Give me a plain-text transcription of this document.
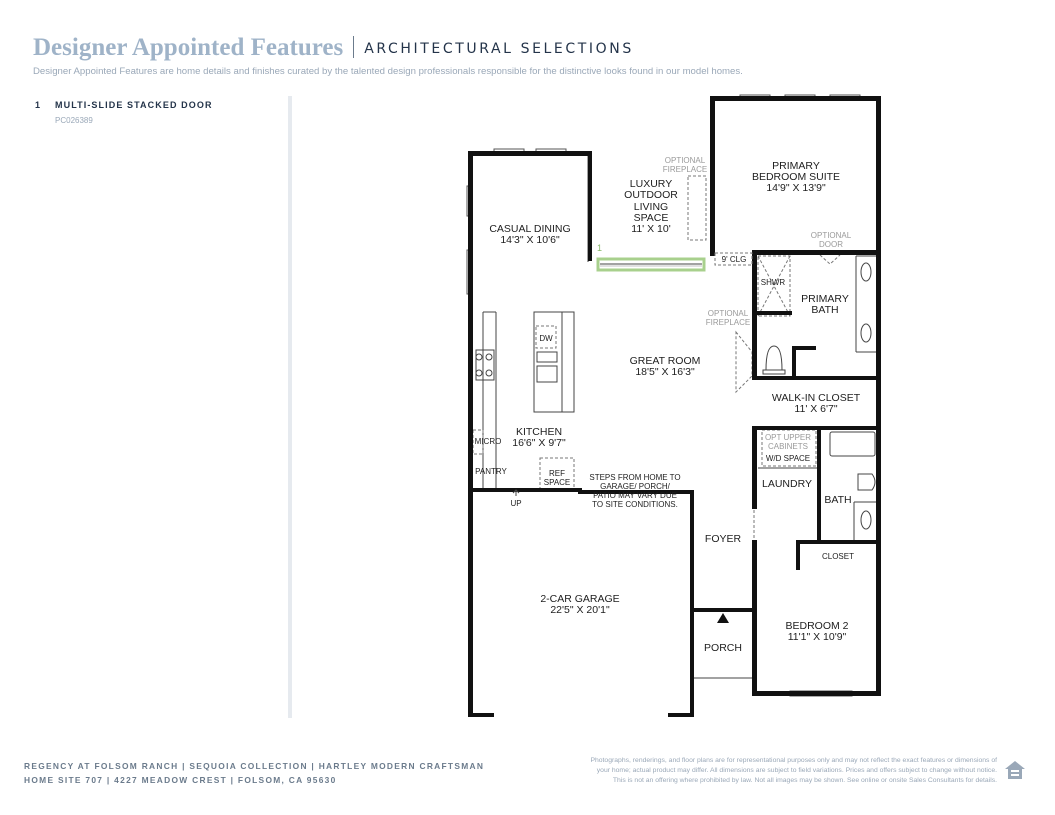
Designer Appointed Features ARCHITECTURAL SELECTIONS
Designer Appointed Features are home details and finishes curated by the talented design professionals responsible for the distinctive looks found in our model homes.
1 MULTI-SLIDE STACKED DOOR
PC026389
1
CASUAL DINING
14'3" X 10'6"
LUXURY
OUTDOOR
LIVING
SPACE
11' X 10'
PRIMARY
BEDROOM SUITE
14'9" X 13'9"
GREAT ROOM
18'5" X 16'3"
PRIMARY
BATH
WALK-IN CLOSET
11' X 6'7"
KITCHEN
16'6" X 9'7"
LAUNDRY
BATH
CLOSET
FOYER
2-CAR GARAGE
22'5" X 20'1"
BEDROOM 2
11'1" X 10'9"
PORCH
OPTIONAL
FIREPLACE
OPTIONAL
DOOR
9' CLG
SHWR
OPTIONAL
FIREPLACE
DW
MICRO
PANTRY	REF
SPACE
UP
OPT UPPER
CABINETS
W/D SPACE
STEPS FROM HOME TO
GARAGE/ PORCH/
PATIO MAY VARY DUE
TO SITE CONDITIONS.
REGENCY AT FOLSOM RANCH | SEQUOIA COLLECTION | HARTLEY MODERN CRAFTSMAN
HOME SITE 707 | 4227 MEADOW CREST | FOLSOM, CA 95630
Photographs, renderings, and floor plans are for representational purposes only and may not reflect the exact features or dimensions of
your home; actual product may differ. All dimensions are subject to field variations. Prices and offers subject to change without notice.
This is not an offering where prohibited by law. Not all images may be shown. See online or onsite Sales Consultants for details.
